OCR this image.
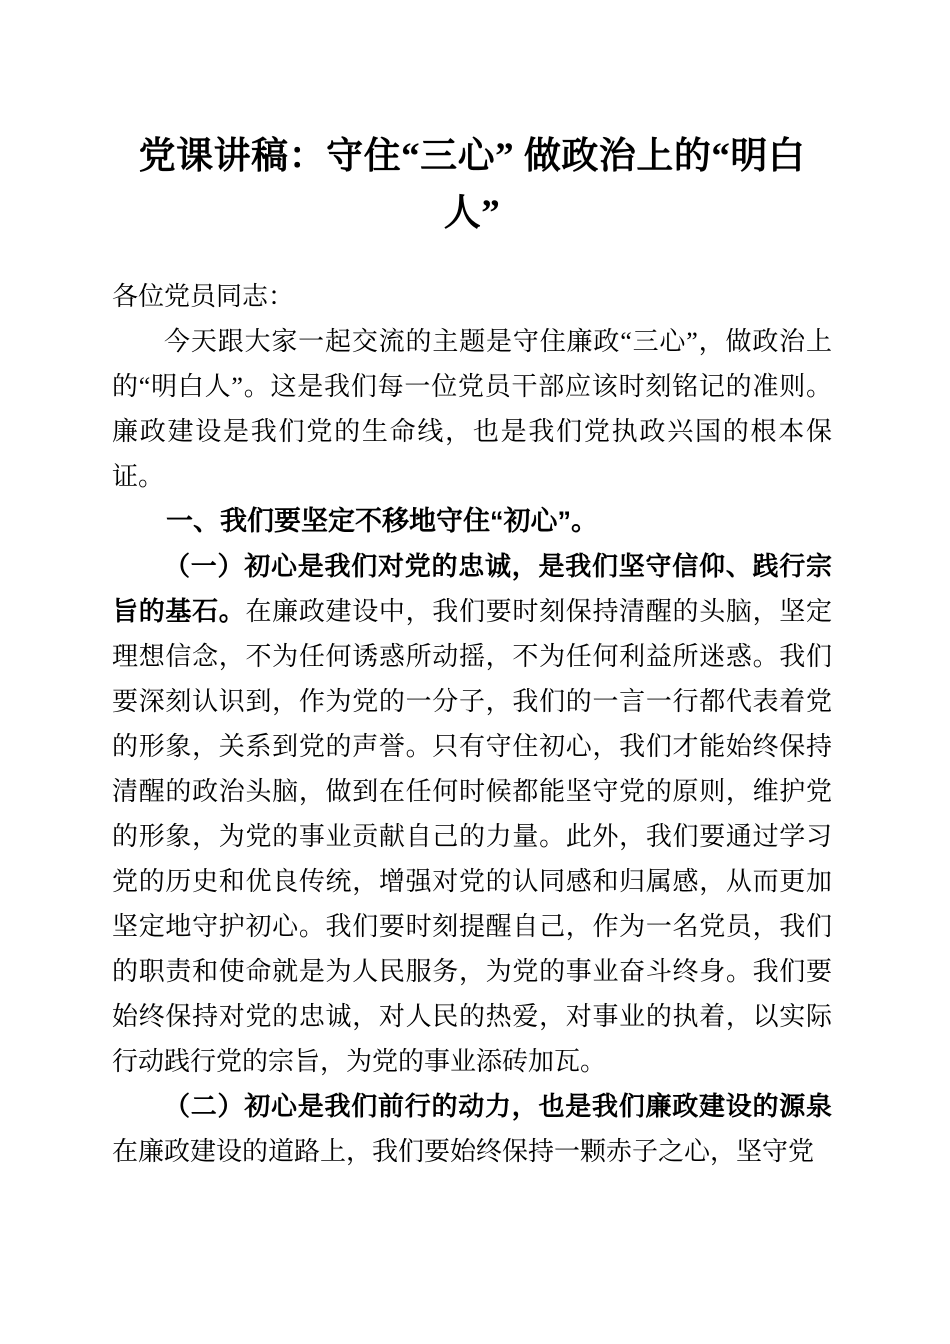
党课讲稿：守住“三心” 做政治上的“明白人”

各位党员同志：

今天跟大家一起交流的主题是守住廉政“三心”，做政治上的“明白人”。这是我们每一位党员干部应该时刻铭记的准则。廉政建设是我们党的生命线，也是我们党执政兴国的根本保证。

一、我们要坚定不移地守住“初心”。

（一）初心是我们对党的忠诚，是我们坚守信仰、践行宗旨的基石。在廉政建设中，我们要时刻保持清醒的头脑，坚定理想信念，不为任何诱惑所动摇，不为任何利益所迷惑。我们要深刻认识到，作为党的一分子，我们的一言一行都代表着党的形象，关系到党的声誉。只有守住初心，我们才能始终保持清醒的政治头脑，做到在任何时候都能坚守党的原则，维护党的形象，为党的事业贡献自己的力量。此外，我们要通过学习党的历史和优良传统，增强对党的认同感和归属感，从而更加坚定地守护初心。我们要时刻提醒自己，作为一名党员，我们的职责和使命就是为人民服务，为党的事业奋斗终身。我们要始终保持对党的忠诚，对人民的热爱，对事业的执着，以实际行动践行党的宗旨，为党的事业添砖加瓦。

（二）初心是我们前行的动力，也是我们廉政建设的源泉在廉政建设的道路上，我们要始终保持一颗赤子之心，坚守党
